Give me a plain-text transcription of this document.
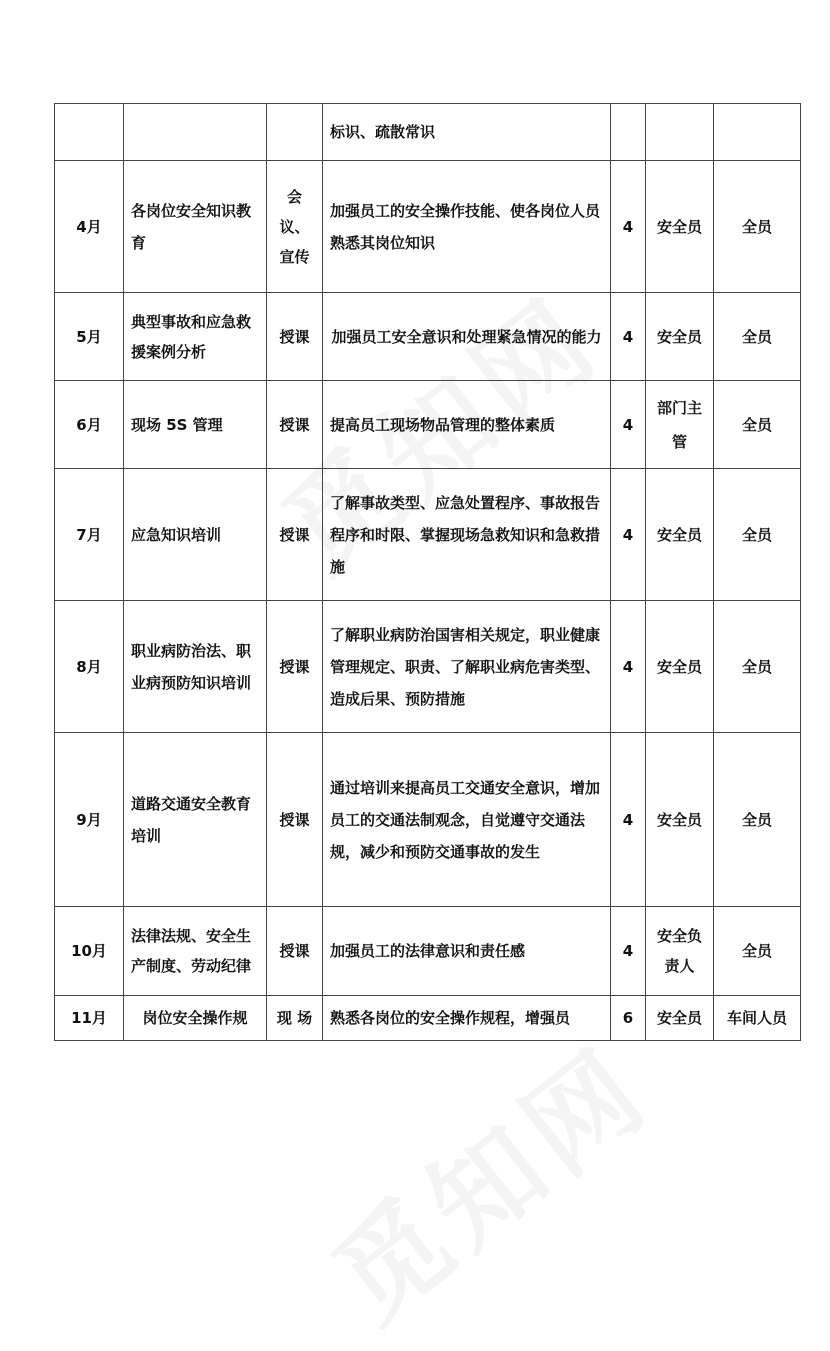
			标识、疏散常识			
4月	各岗位安全知识教育	会议、宣传	加强员工的安全操作技能、使各岗位人员熟悉其岗位知识	4	安全员	全员
5月	典型事故和应急救援案例分析	授课	加强员工安全意识和处理紧急情况的能力	4	安全员	全员
6月	现场 5S 管理	授课	提高员工现场物品管理的整体素质	4	部门主管	全员
7月	应急知识培训	授课	了解事故类型、应急处置程序、事故报告程序和时限、掌握现场急救知识和急救措施	4	安全员	全员
8月	职业病防治法、职业病预防知识培训	授课	了解职业病防治国害相关规定，职业健康管理规定、职责、了解职业病危害类型、造成后果、预防措施	4	安全员	全员
9月	道路交通安全教育培训	授课	通过培训来提高员工交通安全意识，增加员工的交通法制观念，自觉遵守交通法规，减少和预防交通事故的发生	4	安全员	全员
10月	法律法规、安全生产制度、劳动纪律	授课	加强员工的法律意识和责任感	4	安全负责人	全员
11月	岗位安全操作规	现 场	熟悉各岗位的安全操作规程，增强员	6	安全员	车间人员
